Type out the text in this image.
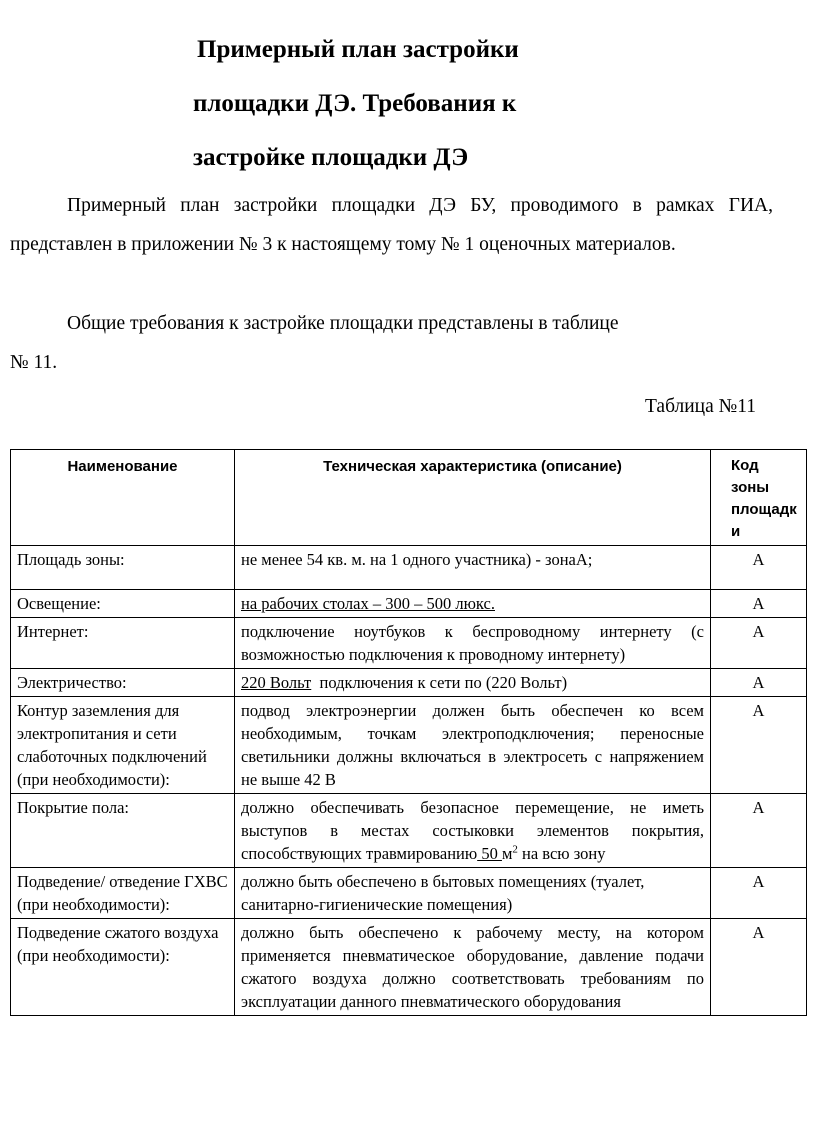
Примерный план застройки
площадки ДЭ. Требования к
застройке площадки ДЭ
Примерный план застройки площадки ДЭ БУ, проводимого в рамках ГИА, представлен в приложении № 3 к настоящему тому № 1 оценочных материалов.
Общие требования к застройке площадки представлены в таблице
№ 11.
Таблица №11
Наименование	Техническая характеристика (описание)	Код
зоны
площадк
и

Площадь зоны:	не менее 54 кв. м. на 1 одного участника) - зонаA;	A
Освещение:	на рабочих столах – 300 – 500 люкс.	A
Интернет:	подключение ноутбуков к беспроводному интернету (с возможностью подключения к проводному интернету)	A
Электричество:	220 Вольт  подключения к сети по (220 Вольт)	A
Контур заземления для электропитания и сети слаботочных подключений (при необходимости):	подвод электроэнергии должен быть обеспечен ко всем необходимым, точкам электроподключения; переносные светильники должны включаться в электросеть с напряжением не выше 42 В	A
Покрытие пола:	должно обеспечивать безопасное перемещение, не иметь выступов в местах состыковки элементов покрытия, способствующих травмированию 50 $м^2$ на всю зону	A
Подведение/ отведение ГХВС (при необходимости):	должно быть обеспечено в бытовых помещениях (туалет, санитарно-гигиенические помещения)	A
Подведение сжатого воздуха (при необходимости):	должно быть обеспечено к рабочему месту, на котором применяется пневматическое оборудование, давление подачи сжатого воздуха должно соответствовать требованиям по эксплуатации данного пневматического оборудования	A
